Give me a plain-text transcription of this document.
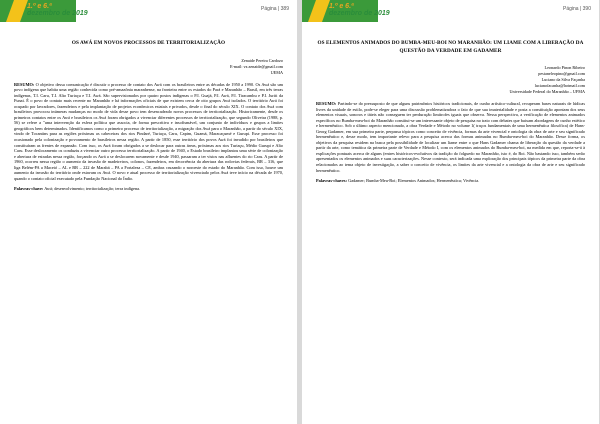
1.º e 6.ª
dezembro de 2019
Página | 389
OS AWÁ EM NOVOS PROCESSOS DE TERRITORIALIZAÇÃO
Zenaide Pereira Cardozo
E-mail: vz.zenaide@gmail.com
UEMA

RESUMO: O objetivo dessa comunicação é discutir o processo de contato dos Awá com os brasileiros entre as décadas de 1950 a 1990. Os Awá são um povo indígena que habita uma região conhecida como pré-amazônia maranhense, na fronteira entre os estados do Pará e Maranhão – Brasil, em três terras indígenas, T.I. Caru, T.I. Alto Turiaçu e T.I. Awá. São supervisionados por quatro postos indígenas o P.I. Guajá, P.I. Awá, P.I. Tiracambu e P.I. Juriti da Funai. É o povo de contato mais recente no Maranhão e há informações oficiais de que existem cerca de oito grupos Awá isolados. O território Awá foi ocupado por lavradores, fazendeiros e pela implantação de projetos econômicos estatais e privados, desde o final do século XIX. O contato dos Awá com brasileiros provocou inúmeras mudanças no modo de vida desse povo tem desencadeado novos processos de territorialização. Historicamente, desde os primeiros contatos entre os Awá e brasileiros os Awá foram obrigados a vivenciar diferentes processos de territorialização, que segundo Oliveira (1988, p. 56) se refere a "uma intervenção da esfera política que associa, de forma prescritiva e insofismável, um conjunto de indivíduos e grupos a limites geográficos bem determinados. Identificamos como o primeiro processo de territorialização, a migração dos Awá para o Maranhão, a partir do século XIX, vindo de Tocantins para as regiões próximas as cabeceiras dos rios Pindaré, Turiaçu, Caru, Capim, Guamá, Maracaçumé e Gurupi. Esse processo foi ocasionado pela colonização e povoamento de brasileiros nessa região. A partir de 1850, esse território dos povos Awá foi invadido por brasileiros que constituíram as frentes de expansão. Com isso, os Awá foram obrigados a se deslocar para outras áreas, próximas aos rios Turiaçu, Médio Gurupi e Alto Caru. Esse deslocamento os conduziu a vivenciar outro processo territorialização. A partir de 1940, o Estado brasileiro implantou uma série de colonização e abertura de estradas nessa região, forçando os Awá a se deslocarem novamente e desde 1940, passaram a ter vistos nas afluentes do rio Caru. A partir de 1960, ocorreu nessa região o aumento da invasão de madeireiros, colonos, fazendeiros, em decorrência da abertura das rodovias federais, BR – 316, que liga Belém-PA a Maceió – AL e BR – 222 de Marabá – PA a Fortaleza – CE, ambas cruzando o noroeste do estado do Maranhão. Com isso, houve um aumento da invasão do território onde estavam os Awá. O novo e atual processo de territorialização vivenciado pelos Awá teve início na década de 1970, quando o contato oficial executado pela Fundação Nacional do Índio.

Palavras-chave: Awá; desenvolvimento; territorialização; terra indígena.
1.º e 6.ª
dezembro de 2019
Página | 390
OS ELEMENTOS ANIMADOS DO BUMBA-MEU-BOI NO MARANHÃO: UM LIAME COM A LIBERAÇÃO DA QUESTÃO DA VERDADE EM GADAMER
Leonardo Pinon Ribeiro
pestaneleopino@gmail.com
Luciano da Silva Façanha
lucianofacanha@hotmail.com
Universidade Federal do Maranhão – UFMA

RESUMO: Partindo-se do pressuposto de que alguns patrimônios históricos tradicionais, de cunho artístico-cultural, recuperam bases naturais de lúdicas livres da unidade de estilo, pode-se eleger para uma discussão problematizadora o fato de que sua imaterialidade e posta a constituição apontam dos seus elementos visuais, sonoros e táteis não conseguem ter perduração limitrofes iguais que observa. Nessa perspectiva, a verificação de elementos animados específicos no Bumba-meu-boi do Maranhão constitui-se um interessante objeto de pesquisa no trato com debates que baixam abordagens de cunho estético e hermenêutico. Sob o último aspecto mencionado, a obra Verdade e Método no volume 1( traços fundamentais de uma hermenêutica filosófica) de Hans-Georg Gadamer, em sua primeira parte, perpassa tópicos como conceito de vivência, formas da arte vivencial e ontologia da obra de arte e seu significado hermenêutico e, desse modo, tem importante relevo para a pesquisa acerca das formas animadas no Bumba-meu-boi do Maranhão. Desse forma, os objetivos da pesquisa residem na busca pela possibilidade de localizar um liame entre o que Hans Gadamer chama de liberação da questão da verdade a partir da arte, como temática da primeira parte de Verdade e Método I, com os elementos animados do Bumba-meu-boi, na medida em que, reporta-se-á à explicações pontuais acerca de alguns (entres históricos-evolutivos da tradição do folguedo no Maranhão, isto é, do Boi. Não bastando isso, também serão apresentados os elementos animados e suas caracterizações. Nesse contexto, será indicada uma exploração dos principais tópicos da primeira parte da obra relacionados ao tema objeto de investigação, a saber o conceito de vivência, os limites da arte vivencial e a ontologia da obra de arte e seu significado hermenêutico.

Palavras-chaves: Gadamer; Bumba-Meu-Boi; Elementos Animados; Hermenêutica; Vivência.
